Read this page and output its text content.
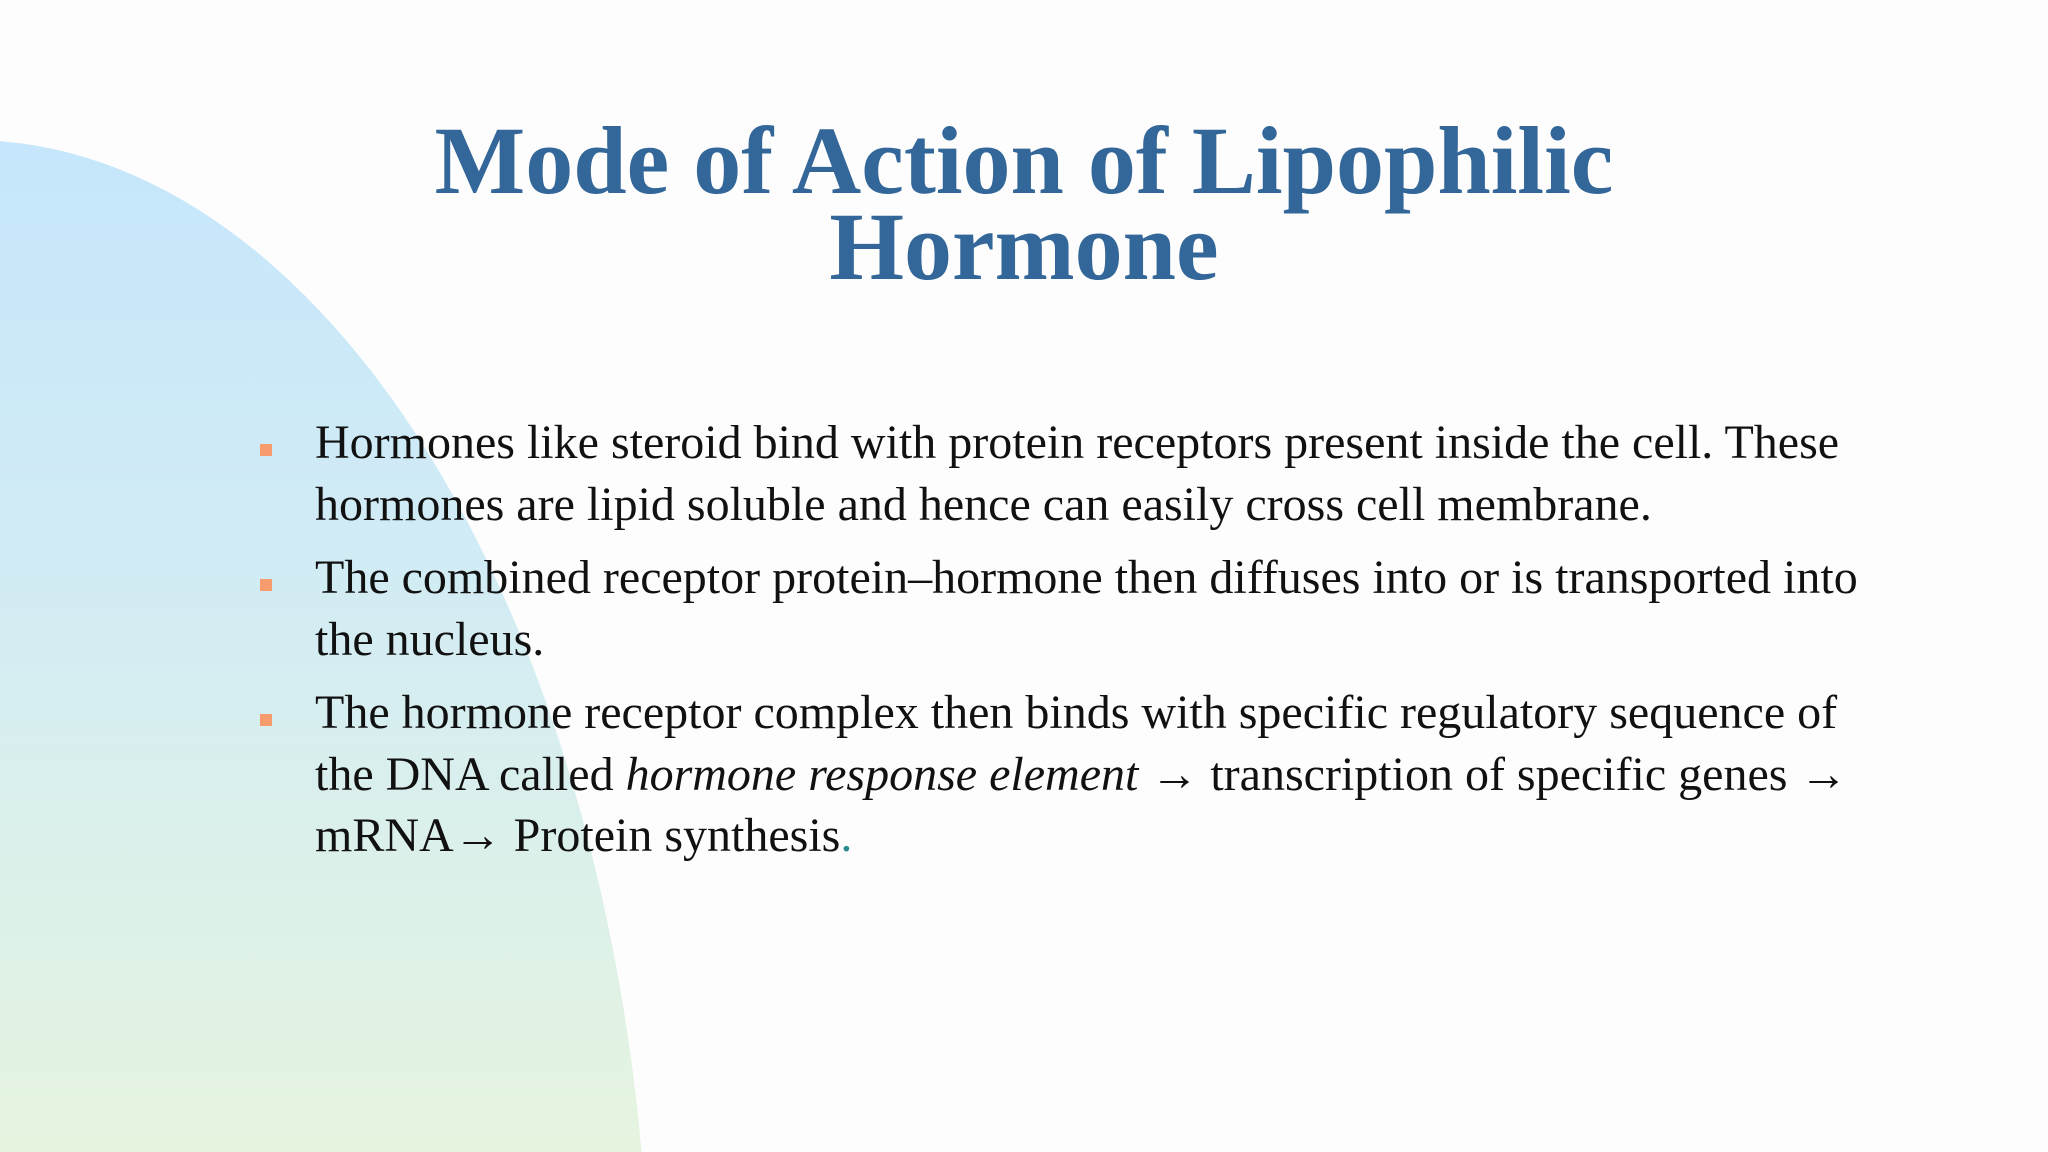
Mode of Action of Lipophilic
Hormone
Hormones like steroid bind with protein receptors present inside the cell. These hormones are lipid soluble and hence can easily cross cell membrane.
The combined receptor protein–hormone then diffuses into or is transported into the nucleus.
The hormone receptor complex then binds with specific regulatory sequence of the DNA called hormone response element → transcription of specific genes → mRNA→ Protein synthesis.
